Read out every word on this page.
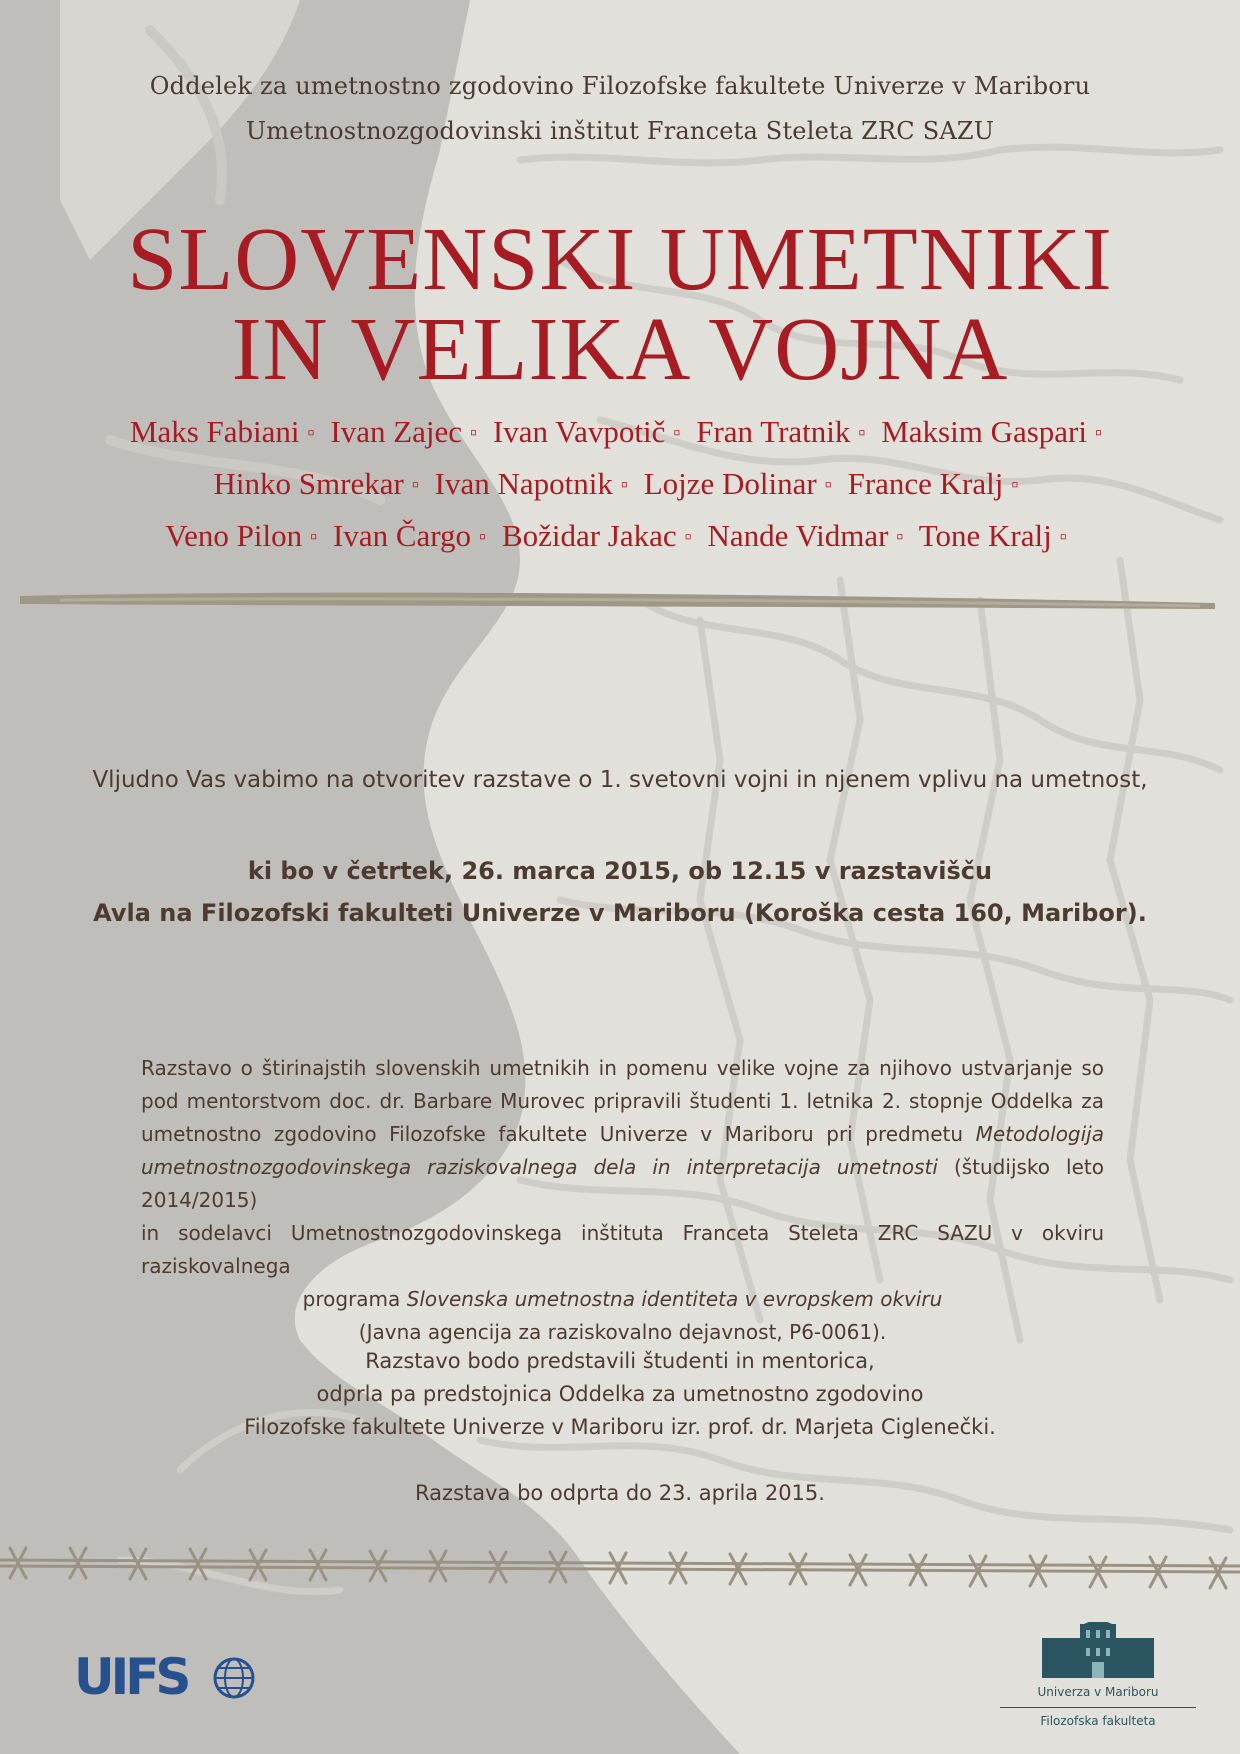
Oddelek za umetnostno zgodovino Filozofske fakultete Univerze v Mariboru
Umetnostnozgodovinski inštitut Franceta Steleta ZRC SAZU
SLOVENSKI UMETNIKI
IN VELIKA VOJNA
Maks Fabiani ▫ Ivan Zajec ▫ Ivan Vavpotič ▫ Fran Tratnik ▫ Maksim Gaspari ▫
Hinko Smrekar ▫ Ivan Napotnik ▫ Lojze Dolinar ▫ France Kralj ▫
Veno Pilon ▫ Ivan Čargo ▫ Božidar Jakac ▫ Nande Vidmar ▫ Tone Kralj ▫
Vljudno Vas vabimo na otvoritev razstave o 1. svetovni vojni in njenem vplivu na umetnost,
ki bo v četrtek, 26. marca 2015, ob 12.15 v razstavišču
Avla na Filozofski fakulteti Univerze v Mariboru (Koroška cesta 160, Maribor).
Razstavo o štirinajstih slovenskih umetnikih in pomenu velike vojne za njihovo ustvarjanje so
pod mentorstvom doc. dr. Barbare Murovec pripravili študenti 1. letnika 2. stopnje Oddelka za
umetnostno zgodovino Filozofske fakultete Univerze v Mariboru pri predmetu Metodologija
umetnostnozgodovinskega raziskovalnega dela in interpretacija umetnosti (študijsko leto 2014/2015)
in sodelavci Umetnostnozgodovinskega inštituta Franceta Steleta ZRC SAZU v okviru raziskovalnega
programa Slovenska umetnostna identiteta v evropskem okviru
(Javna agencija za raziskovalno dejavnost, P6-0061).
Razstavo bodo predstavili študenti in mentorica,
odprla pa predstojnica Oddelka za umetnostno zgodovino
Filozofske fakultete Univerze v Mariboru izr. prof. dr. Marjeta Ciglenečki.
Razstava bo odprta do 23. aprila 2015.
UIFS	Univerza v Mariboru
Filozofska fakulteta
